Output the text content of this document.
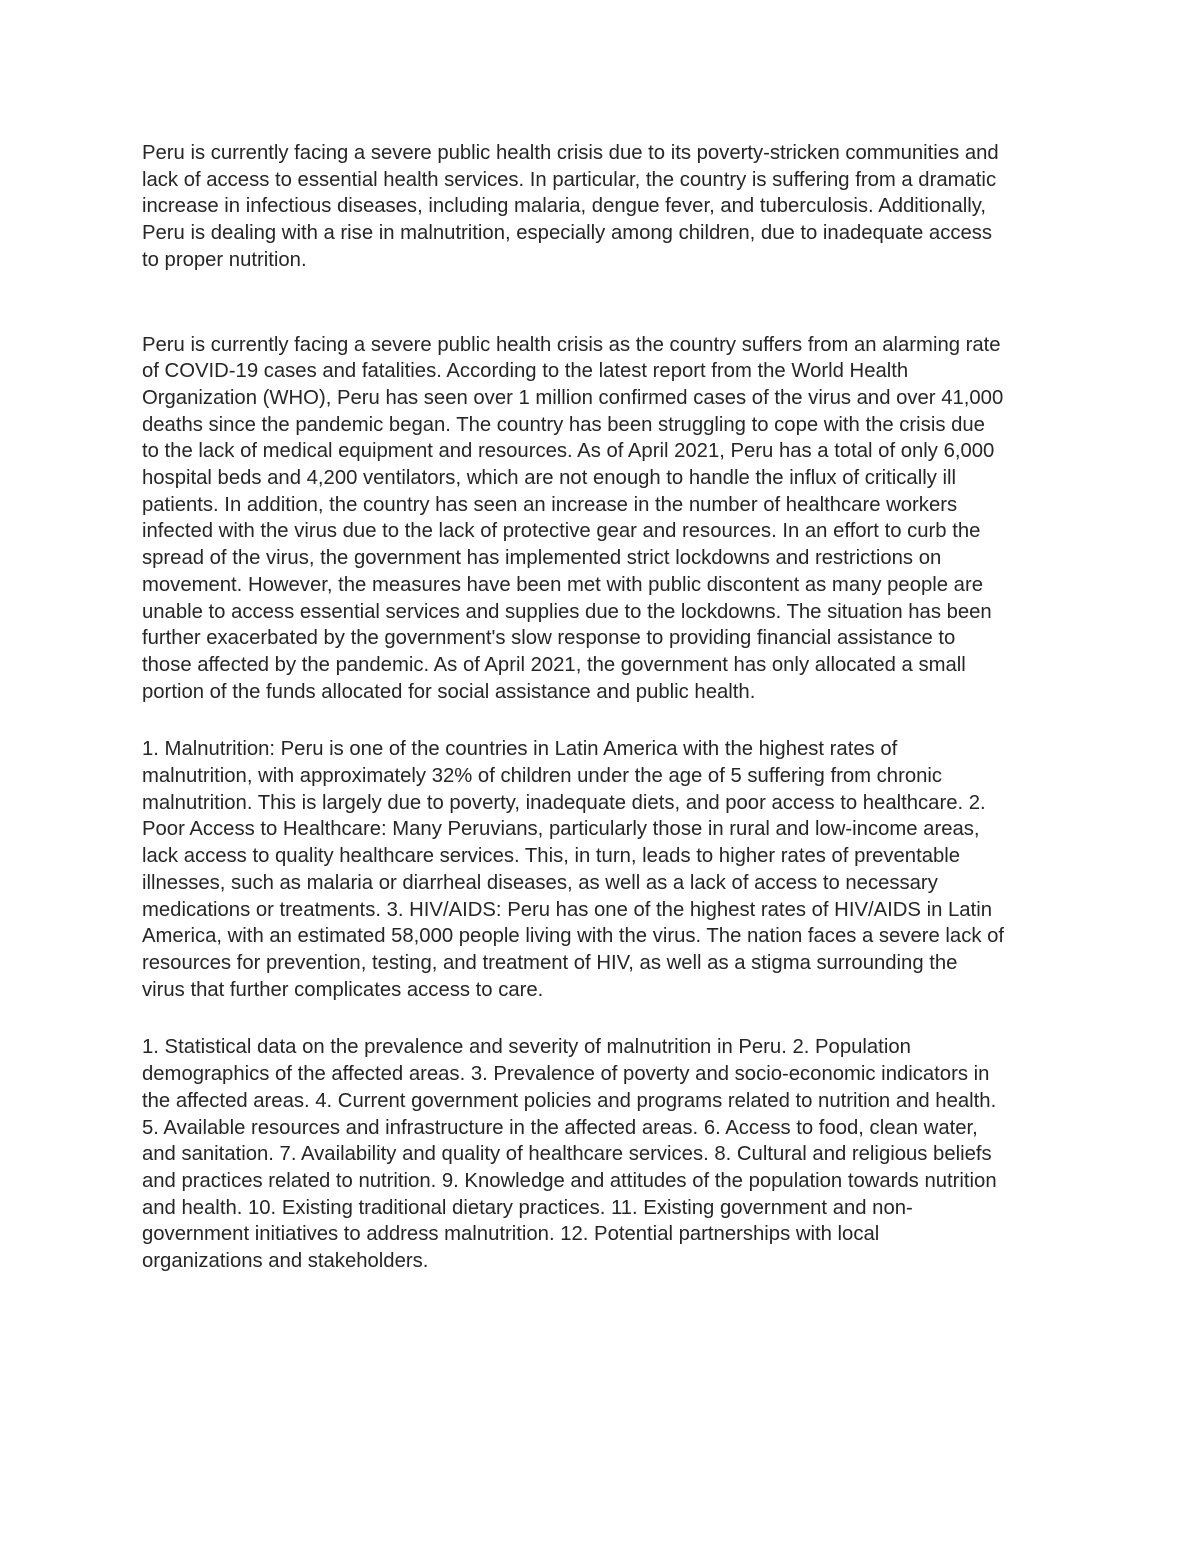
Peru is currently facing a severe public health crisis due to its poverty-stricken communities and
lack of access to essential health services. In particular, the country is suffering from a dramatic
increase in infectious diseases, including malaria, dengue fever, and tuberculosis. Additionally,
Peru is dealing with a rise in malnutrition, especially among children, due to inadequate access
to proper nutrition.

Peru is currently facing a severe public health crisis as the country suffers from an alarming rate
of COVID-19 cases and fatalities. According to the latest report from the World Health
Organization (WHO), Peru has seen over 1 million confirmed cases of the virus and over 41,000
deaths since the pandemic began. The country has been struggling to cope with the crisis due
to the lack of medical equipment and resources. As of April 2021, Peru has a total of only 6,000
hospital beds and 4,200 ventilators, which are not enough to handle the influx of critically ill
patients. In addition, the country has seen an increase in the number of healthcare workers
infected with the virus due to the lack of protective gear and resources. In an effort to curb the
spread of the virus, the government has implemented strict lockdowns and restrictions on
movement. However, the measures have been met with public discontent as many people are
unable to access essential services and supplies due to the lockdowns. The situation has been
further exacerbated by the government's slow response to providing financial assistance to
those affected by the pandemic. As of April 2021, the government has only allocated a small
portion of the funds allocated for social assistance and public health.

1. Malnutrition: Peru is one of the countries in Latin America with the highest rates of
malnutrition, with approximately 32% of children under the age of 5 suffering from chronic
malnutrition. This is largely due to poverty, inadequate diets, and poor access to healthcare. 2.
Poor Access to Healthcare: Many Peruvians, particularly those in rural and low-income areas,
lack access to quality healthcare services. This, in turn, leads to higher rates of preventable
illnesses, such as malaria or diarrheal diseases, as well as a lack of access to necessary
medications or treatments. 3. HIV/AIDS: Peru has one of the highest rates of HIV/AIDS in Latin
America, with an estimated 58,000 people living with the virus. The nation faces a severe lack of
resources for prevention, testing, and treatment of HIV, as well as a stigma surrounding the
virus that further complicates access to care.

1. Statistical data on the prevalence and severity of malnutrition in Peru. 2. Population
demographics of the affected areas. 3. Prevalence of poverty and socio-economic indicators in
the affected areas. 4. Current government policies and programs related to nutrition and health.
5. Available resources and infrastructure in the affected areas. 6. Access to food, clean water,
and sanitation. 7. Availability and quality of healthcare services. 8. Cultural and religious beliefs
and practices related to nutrition. 9. Knowledge and attitudes of the population towards nutrition
and health. 10. Existing traditional dietary practices. 11. Existing government and non-
government initiatives to address malnutrition. 12. Potential partnerships with local
organizations and stakeholders.
